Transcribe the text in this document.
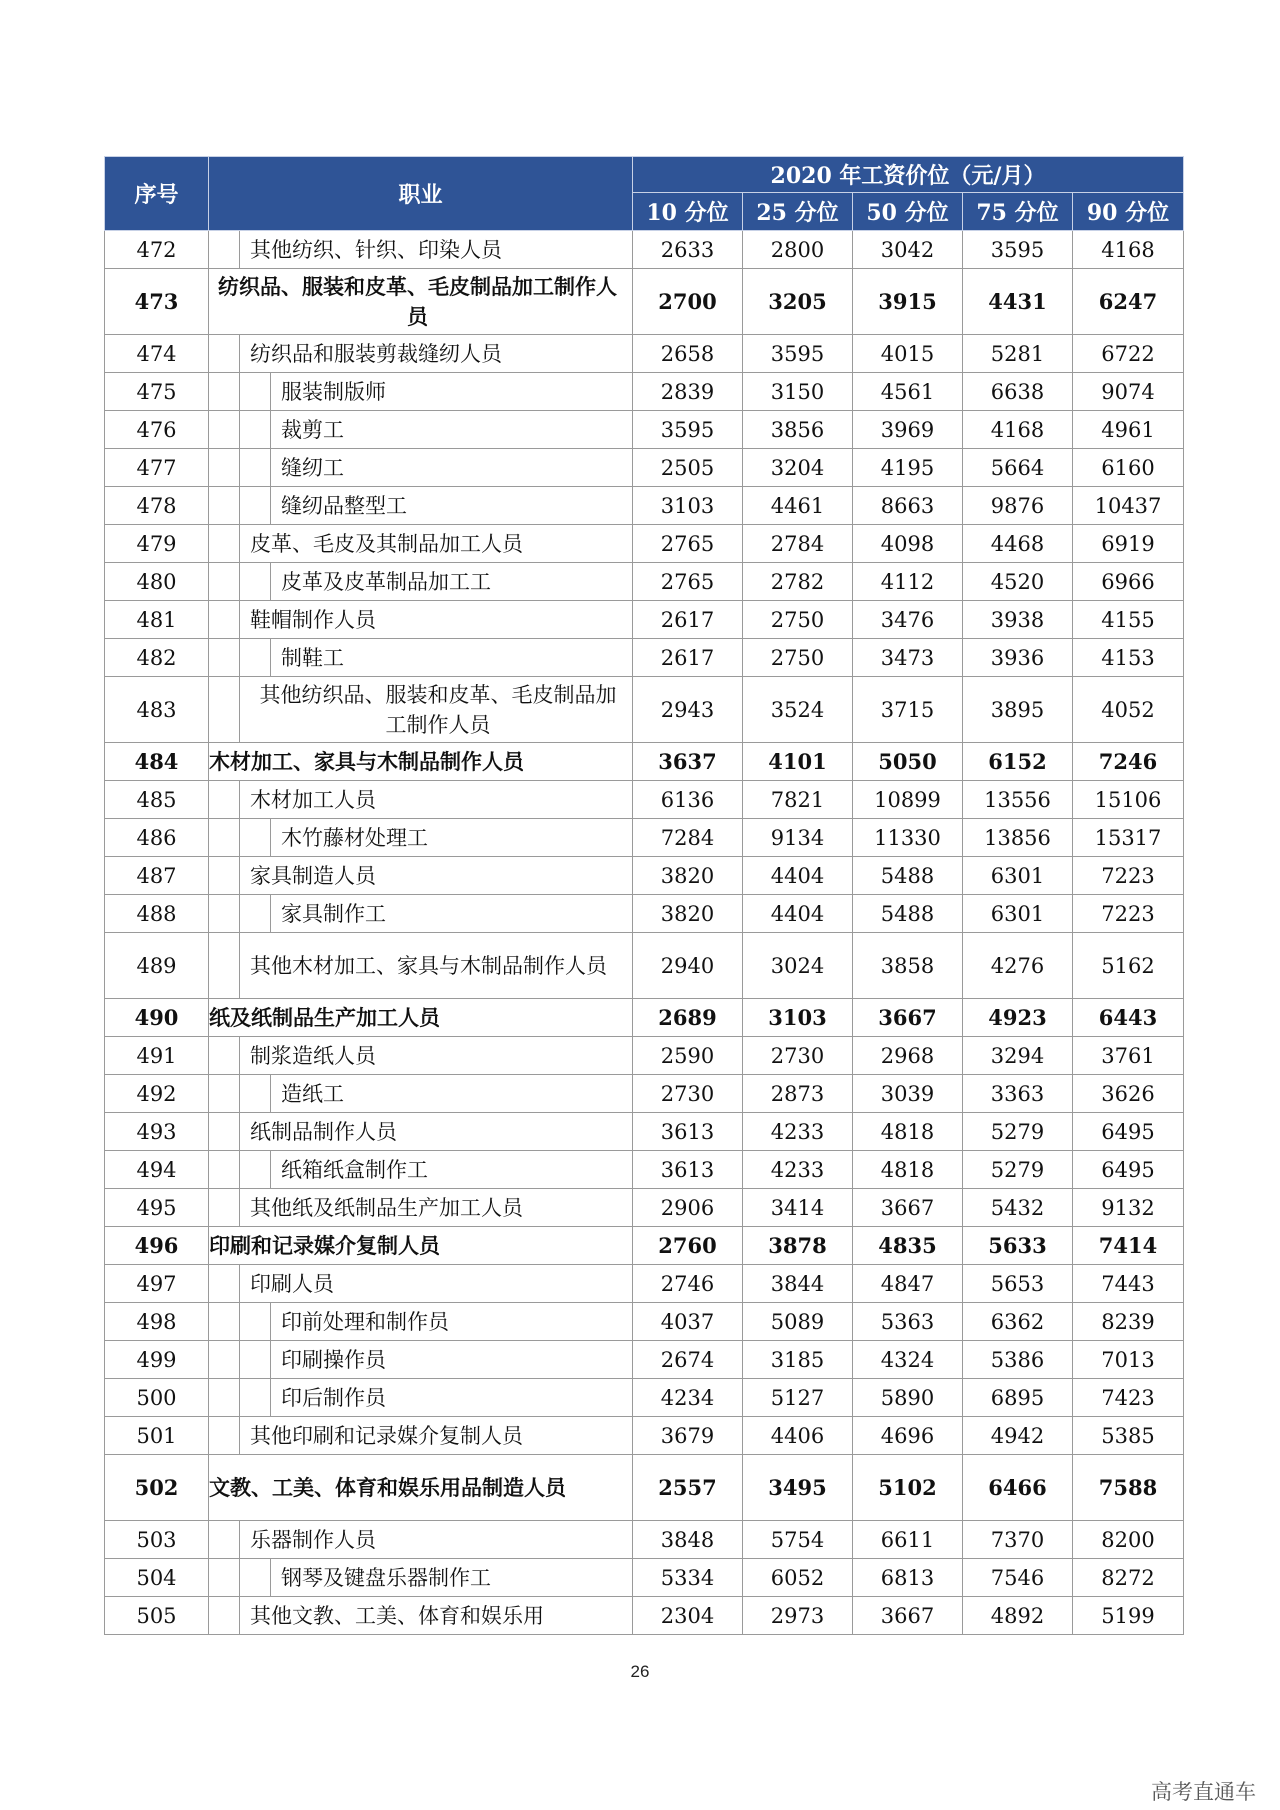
序号	职业	2020 年工资价位（元/月）				
		10 分位	25 分位	50 分位	75 分位	90 分位
472	其他纺织、针织、印染人员	2633	2800	3042	3595	4168
473	纺织品、服装和皮革、毛皮制品加工制作人员	2700	3205	3915	4431	6247
474	纺织品和服装剪裁缝纫人员	2658	3595	4015	5281	6722
475	服装制版师	2839	3150	4561	6638	9074
476	裁剪工	3595	3856	3969	4168	4961
477	缝纫工	2505	3204	4195	5664	6160
478	缝纫品整型工	3103	4461	8663	9876	10437
479	皮革、毛皮及其制品加工人员	2765	2784	4098	4468	6919
480	皮革及皮革制品加工工	2765	2782	4112	4520	6966
481	鞋帽制作人员	2617	2750	3476	3938	4155
482	制鞋工	2617	2750	3473	3936	4153
483	其他纺织品、服装和皮革、毛皮制品加工制作人员	2943	3524	3715	3895	4052
484	木材加工、家具与木制品制作人员	3637	4101	5050	6152	7246
485	木材加工人员	6136	7821	10899	13556	15106
486	木竹藤材处理工	7284	9134	11330	13856	15317
487	家具制造人员	3820	4404	5488	6301	7223
488	家具制作工	3820	4404	5488	6301	7223
489	其他木材加工、家具与木制品制作人员	2940	3024	3858	4276	5162
490	纸及纸制品生产加工人员	2689	3103	3667	4923	6443
491	制浆造纸人员	2590	2730	2968	3294	3761
492	造纸工	2730	2873	3039	3363	3626
493	纸制品制作人员	3613	4233	4818	5279	6495
494	纸箱纸盒制作工	3613	4233	4818	5279	6495
495	其他纸及纸制品生产加工人员	2906	3414	3667	5432	9132
496	印刷和记录媒介复制人员	2760	3878	4835	5633	7414
497	印刷人员	2746	3844	4847	5653	7443
498	印前处理和制作员	4037	5089	5363	6362	8239
499	印刷操作员	2674	3185	4324	5386	7013
500	印后制作员	4234	5127	5890	6895	7423
501	其他印刷和记录媒介复制人员	3679	4406	4696	4942	5385
502	文教、工美、体育和娱乐用品制造人员	2557	3495	5102	6466	7588
503	乐器制作人员	3848	5754	6611	7370	8200
504	钢琴及键盘乐器制作工	5334	6052	6813	7546	8272
505	其他文教、工美、体育和娱乐用	2304	2973	3667	4892	5199
26
高考直通车
